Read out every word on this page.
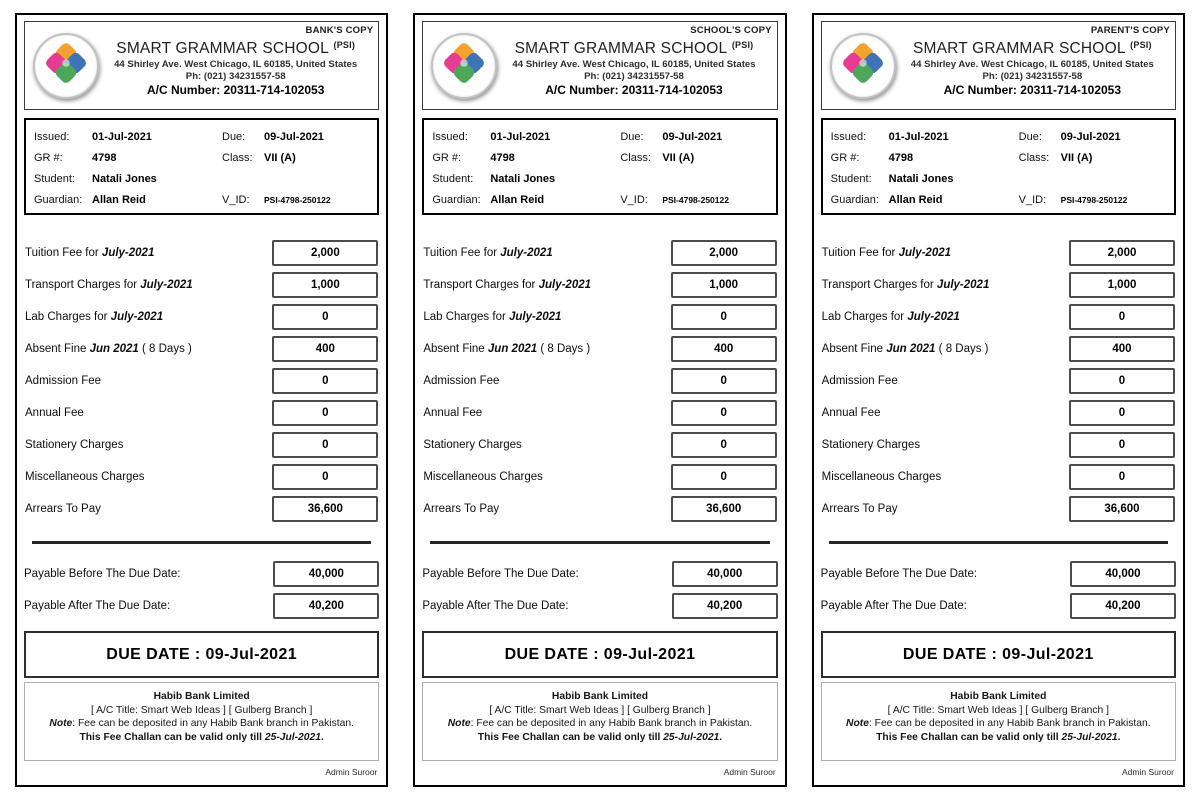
BANK'S COPY
SMART GRAMMAR SCHOOL $^{(PSI)}$
44 Shirley Ave. West Chicago, IL 60185, United States
Ph: (021) 34231557-58
A/C Number: 20311-714-102053
Issued:	01-Jul-2021	Due:	09-Jul-2021
GR #:	4798	Class:	VII (A)
Student:	Natali Jones
Guardian: Allan Reid	V_ID:	PSI-4798-250122
Tuition Fee for July-2021	2,000
Transport Charges for July-2021	1,000
Lab Charges for July-2021	0
Absent Fine Jun 2021 ( 8 Days )	400
Admission Fee	0
Annual Fee	0
Stationery Charges	0
Miscellaneous Charges	0
Arrears To Pay	36,600
Payable Before The Due Date:	40,000
Payable After The Due Date:	40,200
DUE DATE : 09-Jul-2021
Habib Bank Limited
[ A/C Title: Smart Web Ideas ] [ Gulberg Branch ]
Note: Fee can be deposited in any Habib Bank branch in Pakistan.
This Fee Challan can be valid only till 25-Jul-2021.
Admin Suroor
SCHOOL'S COPY
SMART GRAMMAR SCHOOL $^{(PSI)}$
44 Shirley Ave. West Chicago, IL 60185, United States
Ph: (021) 34231557-58
A/C Number: 20311-714-102053
Issued:	01-Jul-2021	Due:	09-Jul-2021
GR #:	4798	Class:	VII (A)
Student:	Natali Jones
Guardian: Allan Reid	V_ID:	PSI-4798-250122
Tuition Fee for July-2021	2,000
Transport Charges for July-2021	1,000
Lab Charges for July-2021	0
Absent Fine Jun 2021 ( 8 Days )	400
Admission Fee	0
Annual Fee	0
Stationery Charges	0
Miscellaneous Charges	0
Arrears To Pay	36,600
Payable Before The Due Date:	40,000
Payable After The Due Date:	40,200
DUE DATE : 09-Jul-2021
Habib Bank Limited
[ A/C Title: Smart Web Ideas ] [ Gulberg Branch ]
Note: Fee can be deposited in any Habib Bank branch in Pakistan.
This Fee Challan can be valid only till 25-Jul-2021.
Admin Suroor
PARENT'S COPY
SMART GRAMMAR SCHOOL $^{(PSI)}$
44 Shirley Ave. West Chicago, IL 60185, United States
Ph: (021) 34231557-58
A/C Number: 20311-714-102053
Issued:	01-Jul-2021	Due:	09-Jul-2021
GR #:	4798	Class:	VII (A)
Student:	Natali Jones
Guardian: Allan Reid	V_ID:	PSI-4798-250122
Tuition Fee for July-2021	2,000
Transport Charges for July-2021	1,000
Lab Charges for July-2021	0
Absent Fine Jun 2021 ( 8 Days )	400
Admission Fee	0
Annual Fee	0
Stationery Charges	0
Miscellaneous Charges	0
Arrears To Pay	36,600
Payable Before The Due Date:	40,000
Payable After The Due Date:	40,200
DUE DATE : 09-Jul-2021
Habib Bank Limited
[ A/C Title: Smart Web Ideas ] [ Gulberg Branch ]
Note: Fee can be deposited in any Habib Bank branch in Pakistan.
This Fee Challan can be valid only till 25-Jul-2021.
Admin Suroor
